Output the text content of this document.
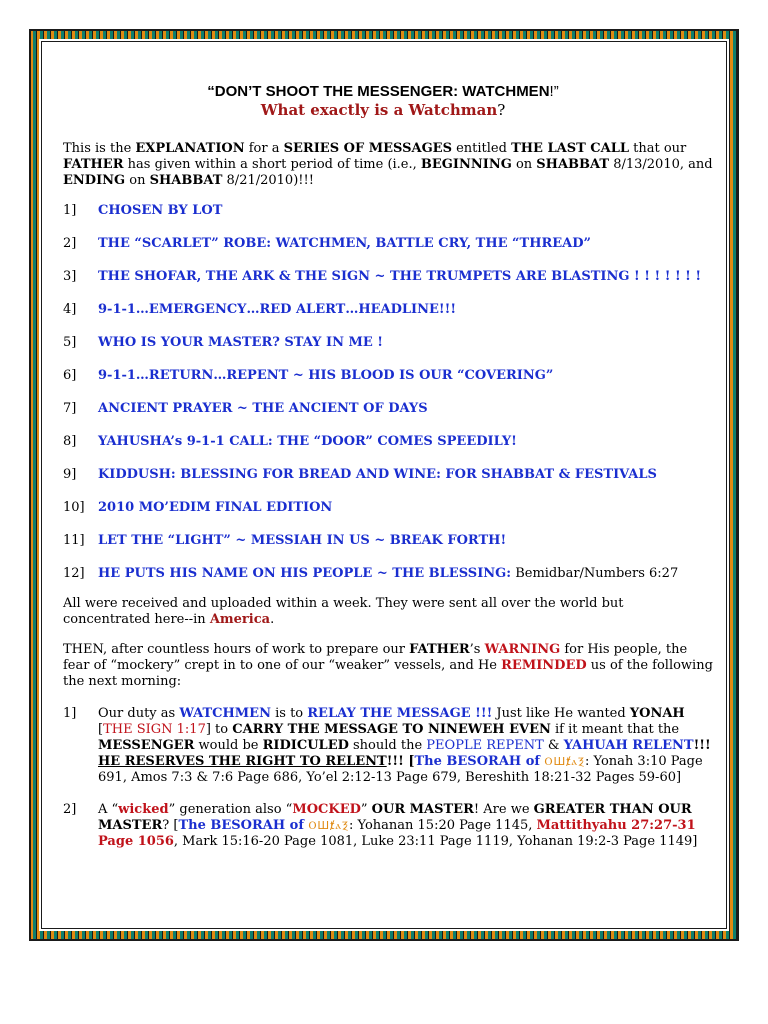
“DON’T SHOOT THE MESSENGER: WATCHMEN!”
What exactly is a Watchman?

This is the EXPLANATION for a SERIES OF MESSAGES entitled THE LAST CALL that our FATHER has given within a short period of time (i.e., BEGINNING on SHABBAT 8/13/2010, and ENDING on SHABBAT 8/21/2010)!!!

1]	CHOSEN BY LOT
2]	THE “SCARLET” ROBE: WATCHMEN, BATTLE CRY, THE “THREAD”
3]	THE SHOFAR, THE ARK & THE SIGN ~ THE TRUMPETS ARE BLASTING ! ! ! ! ! ! !
4]	9-1-1…EMERGENCY…RED ALERT…HEADLINE!!!
5]	WHO IS YOUR MASTER? STAY IN ME !
6]	9-1-1…RETURN…REPENT ~ HIS BLOOD IS OUR “COVERING”
7]	ANCIENT PRAYER ~ THE ANCIENT OF DAYS
8]	YAHUSHA’s 9-1-1 CALL: THE “DOOR” COMES SPEEDILY!
9]	KIDDUSH: BLESSING FOR BREAD AND WINE: FOR SHABBAT & FESTIVALS
10]	2010 MO’EDIM FINAL EDITION
11]	LET THE “LIGHT” ~ MESSIAH IN US ~ BREAK FORTH!
12]	HE PUTS HIS NAME ON HIS PEOPLE ~ THE BLESSING: Bemidbar/Numbers 6:27

All were received and uploaded within a week. They were sent all over the world but concentrated here--in America.

THEN, after countless hours of work to prepare our FATHER’s WARNING for His people, the fear of “mockery” crept in to one of our “weaker” vessels, and He REMINDED us of the following the next morning:

1]	Our duty as WATCHMEN is to RELAY THE MESSAGE !!! Just like He wanted YONAH [THE SIGN 1:17] to CARRY THE MESSAGE TO NINEWEH EVEN if it meant that the MESSENGER would be RIDICULED should the PEOPLE REPENT & YAHUAH RELENT!!! HE RESERVES THE RIGHT TO RELENT!!! [The BESORAH of ⲞШⱦⲁⲜ: Yonah 3:10 Page 691, Amos 7:3 & 7:6 Page 686, Yo’el 2:12-13 Page 679, Bereshith 18:21-32 Pages 59-60]
2]	A “wicked” generation also “MOCKED” OUR MASTER! Are we GREATER THAN OUR MASTER? [The BESORAH of ⲞШⱦⲁⲜ: Yohanan 15:20 Page 1145, Mattithyahu 27:27-31 Page 1056, Mark 15:16-20 Page 1081, Luke 23:11 Page 1119, Yohanan 19:2-3 Page 1149]
